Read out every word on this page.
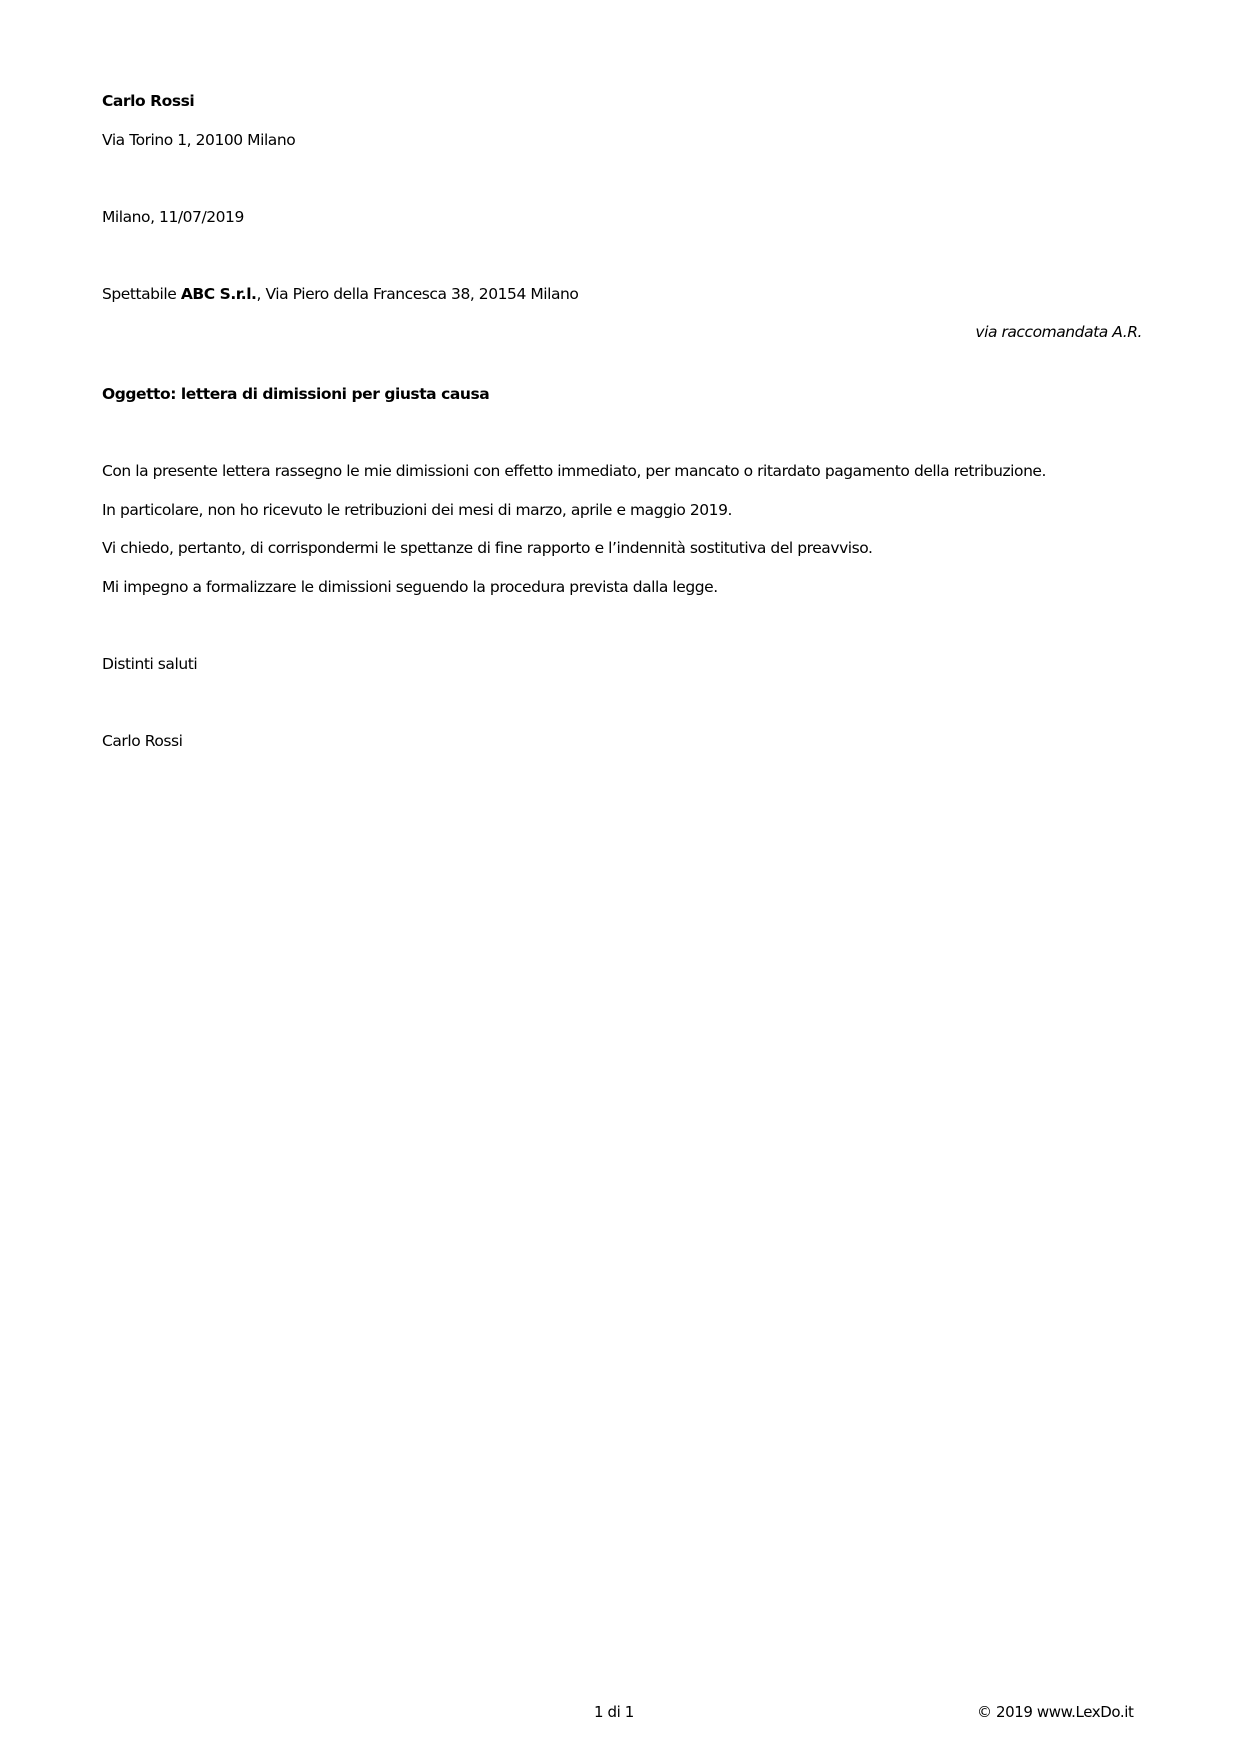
Carlo Rossi
Via Torino 1, 20100 Milano
Milano, 11/07/2019
Spettabile ABC S.r.l., Via Piero della Francesca 38, 20154 Milano
via raccomandata A.R.
Oggetto: lettera di dimissioni per giusta causa
Con la presente lettera rassegno le mie dimissioni con effetto immediato, per mancato o ritardato pagamento della retribuzione.
In particolare, non ho ricevuto le retribuzioni dei mesi di marzo, aprile e maggio 2019.
Vi chiedo, pertanto, di corrispondermi le spettanze di fine rapporto e l’indennità sostitutiva del preavviso.
Mi impegno a formalizzare le dimissioni seguendo la procedura prevista dalla legge.
Distinti saluti
Carlo Rossi
1 di 1	© 2019 www.LexDo.it
